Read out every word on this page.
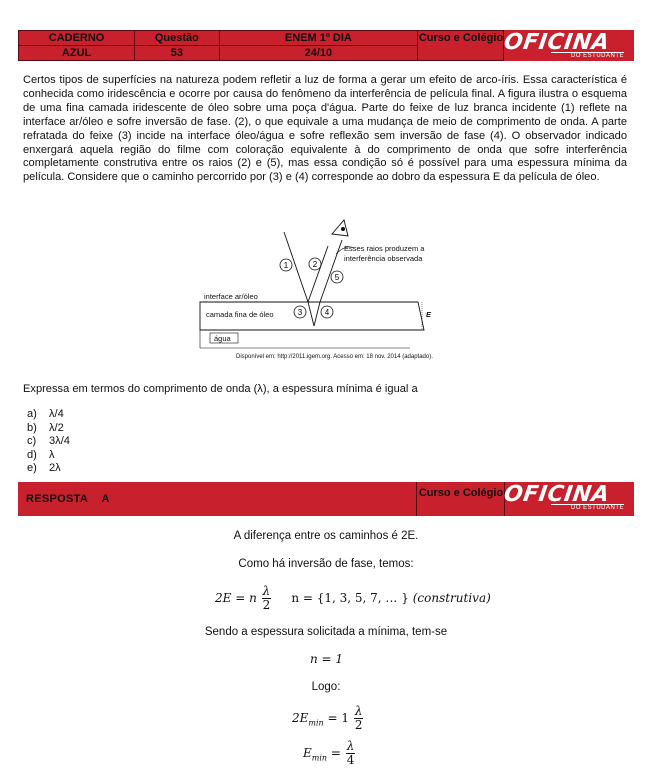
CADERNO	Questão	ENEM 1º DIA	
AZUL	53	24/10	
Curso e Colégio OFICINA
DO ESTUDANTE
Certos tipos de superfícies na natureza podem refletir a luz de forma a gerar um efeito de arco-íris. Essa característica é conhecida como iridescência e ocorre por causa do fenômeno da interferência de película final. A figura ilustra o esquema de uma fina camada iridescente de óleo sobre uma poça d'água. Parte do feixe de luz branca incidente (1) reflete na interface ar/óleo e sofre inversão de fase. (2), o que equivale a uma mudança de meio de comprimento de onda. A parte refratada do feixe (3) incide na interface óleo/água e sofre reflexão sem inversão de fase (4). O observador indicado enxergará aquela região do filme com coloração equivalente à do comprimento de onda que sofre interferência completamente construtiva entre os raios (2) e (5), mas essa condição só é possível para uma espessura mínima da película. Considere que o caminho percorrido por (3) e (4) corresponde ao dobro da espessura E da película de óleo.
1	2
3	4
5
Esses raios produzem a
interferência observada
interface ar/óleo
camada fina de óleo
água
E
Disponível em: http://2011.igem.org. Acesso em: 18 nov. 2014 (adaptado).
Expressa em termos do comprimento de onda (λ), a espessura mínima é igual a
a) λ/4
b) λ/2
c) 3λ/4
d) λ
e) 2λ
RESPOSTA A	Curso e Colégio OFICINA
DO ESTUDANTE
A diferença entre os caminhos é 2E.
Como há inversão de fase, temos:
2E = n $\frac{\lambda}{2}$ n = {1, 3, 5, 7, … } (construtiva)
Sendo a espessura solicitada a mínima, tem-se
n = 1
Logo:
$2E_{min} = 1 \frac{\lambda}{2}$
$E_{min} = \frac{\lambda}{4}$
